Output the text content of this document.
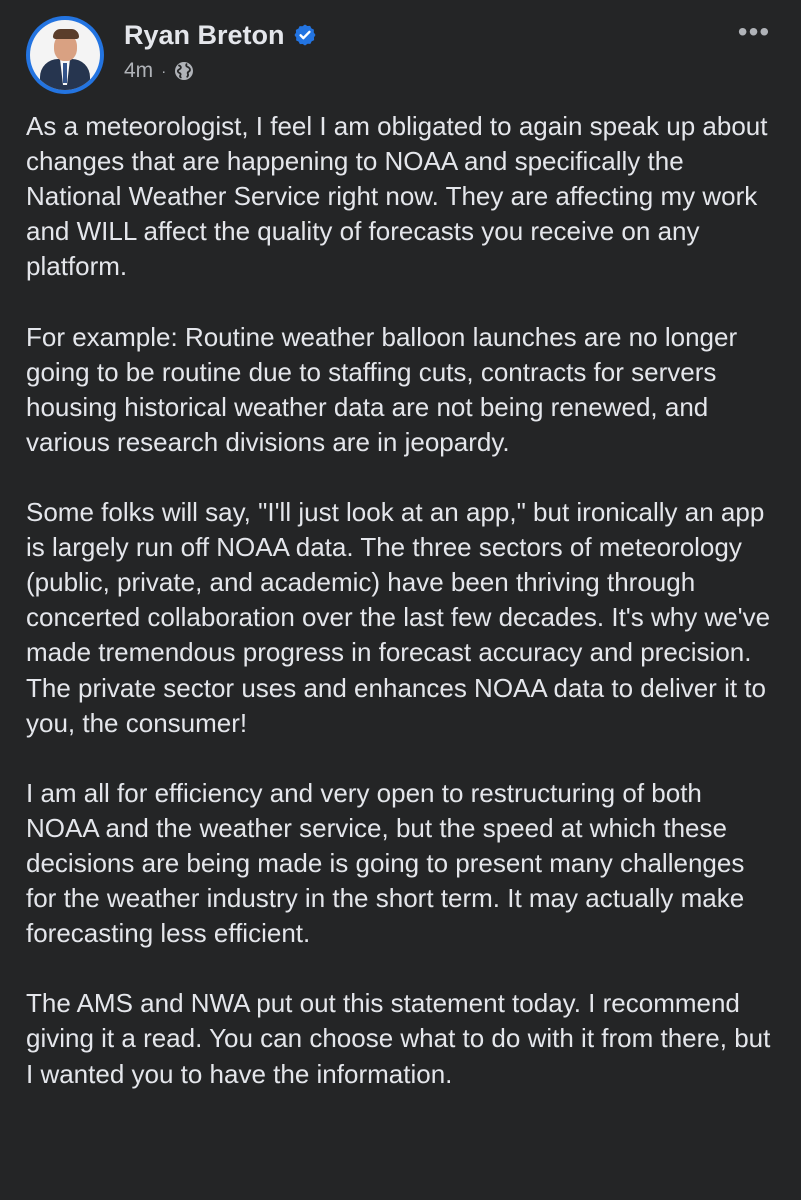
Ryan Breton
4m ·
•••

As a meteorologist, I feel I am obligated to again speak up about changes that are happening to NOAA and specifically the National Weather Service right now. They are affecting my work and WILL affect the quality of forecasts you receive on any platform.

For example: Routine weather balloon launches are no longer going to be routine due to staffing cuts, contracts for servers housing historical weather data are not being renewed, and various research divisions are in jeopardy.

Some folks will say, "I'll just look at an app," but ironically an app is largely run off NOAA data. The three sectors of meteorology (public, private, and academic) have been thriving through concerted collaboration over the last few decades. It's why we've made tremendous progress in forecast accuracy and precision. The private sector uses and enhances NOAA data to deliver it to you, the consumer!

I am all for efficiency and very open to restructuring of both NOAA and the weather service, but the speed at which these decisions are being made is going to present many challenges for the weather industry in the short term. It may actually make forecasting less efficient.

The AMS and NWA put out this statement today. I recommend giving it a read. You can choose what to do with it from there, but I wanted you to have the information.
